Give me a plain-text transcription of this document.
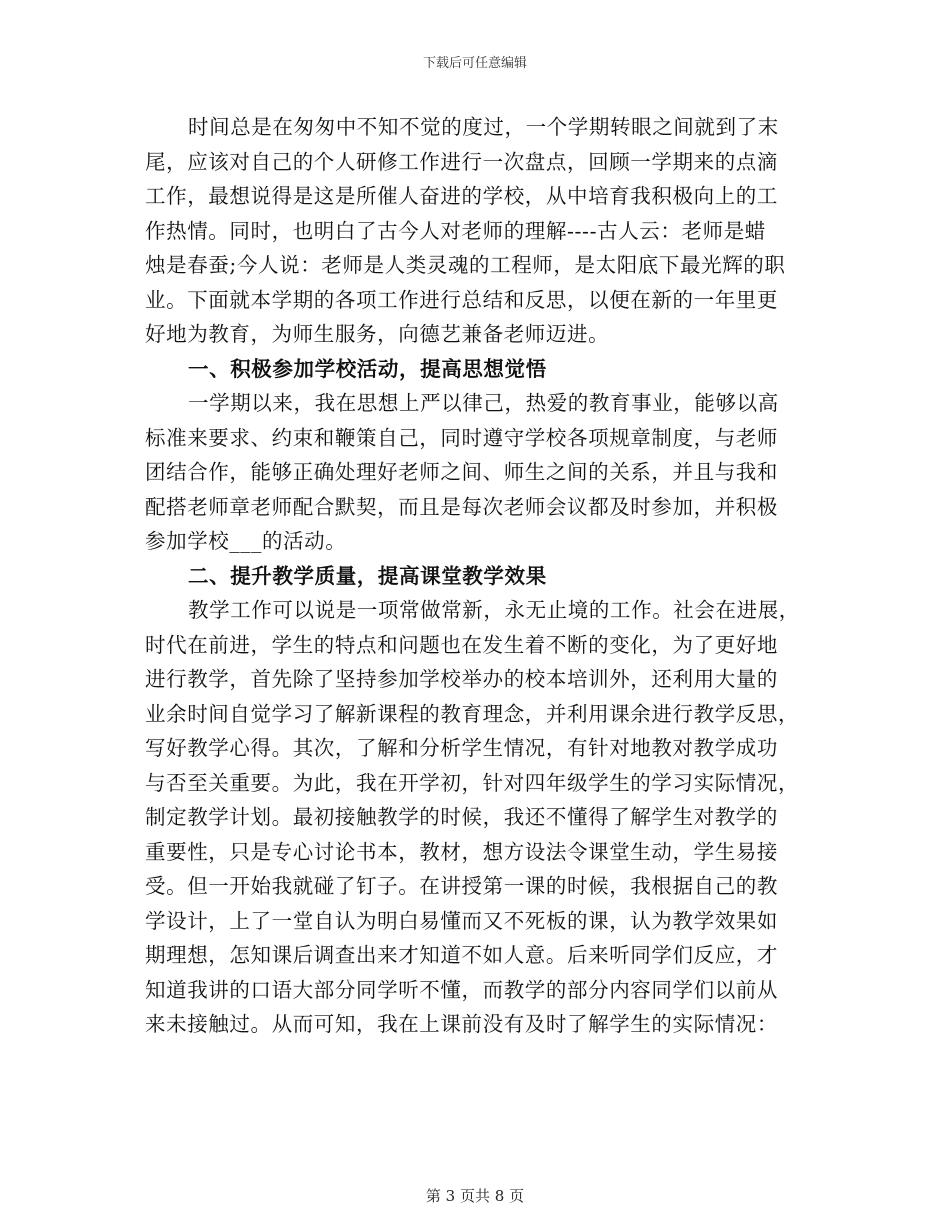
下载后可任意编辑
时间总是在匆匆中不知不觉的度过，一个学期转眼之间就到了末
尾，应该对自己的个人研修工作进行一次盘点，回顾一学期来的点滴
工作，最想说得是这是所催人奋进的学校，从中培育我积极向上的工
作热情。同时，也明白了古今人对老师的理解----古人云：老师是蜡
烛是春蚕;今人说：老师是人类灵魂的工程师，是太阳底下最光辉的职
业。下面就本学期的各项工作进行总结和反思，以便在新的一年里更
好地为教育，为师生服务，向德艺兼备老师迈进。
一、积极参加学校活动，提高思想觉悟
一学期以来，我在思想上严以律己，热爱的教育事业，能够以高
标准来要求、约束和鞭策自己，同时遵守学校各项规章制度，与老师
团结合作，能够正确处理好老师之间、师生之间的关系，并且与我和
配搭老师章老师配合默契，而且是每次老师会议都及时参加，并积极
参加学校___的活动。
二、提升教学质量，提高课堂教学效果
教学工作可以说是一项常做常新，永无止境的工作。社会在进展，
时代在前进，学生的特点和问题也在发生着不断的变化，为了更好地
进行教学，首先除了坚持参加学校举办的校本培训外，还利用大量的
业余时间自觉学习了解新课程的教育理念，并利用课余进行教学反思，
写好教学心得。其次，了解和分析学生情况，有针对地教对教学成功
与否至关重要。为此，我在开学初，针对四年级学生的学习实际情况，
制定教学计划。最初接触教学的时候，我还不懂得了解学生对教学的
重要性，只是专心讨论书本，教材，想方设法令课堂生动，学生易接
受。但一开始我就碰了钉子。在讲授第一课的时候，我根据自己的教
学设计，上了一堂自认为明白易懂而又不死板的课，认为教学效果如
期理想，怎知课后调查出来才知道不如人意。后来听同学们反应，才
知道我讲的口语大部分同学听不懂，而教学的部分内容同学们以前从
来未接触过。从而可知，我在上课前没有及时了解学生的实际情况：
第 3 页共 8 页
